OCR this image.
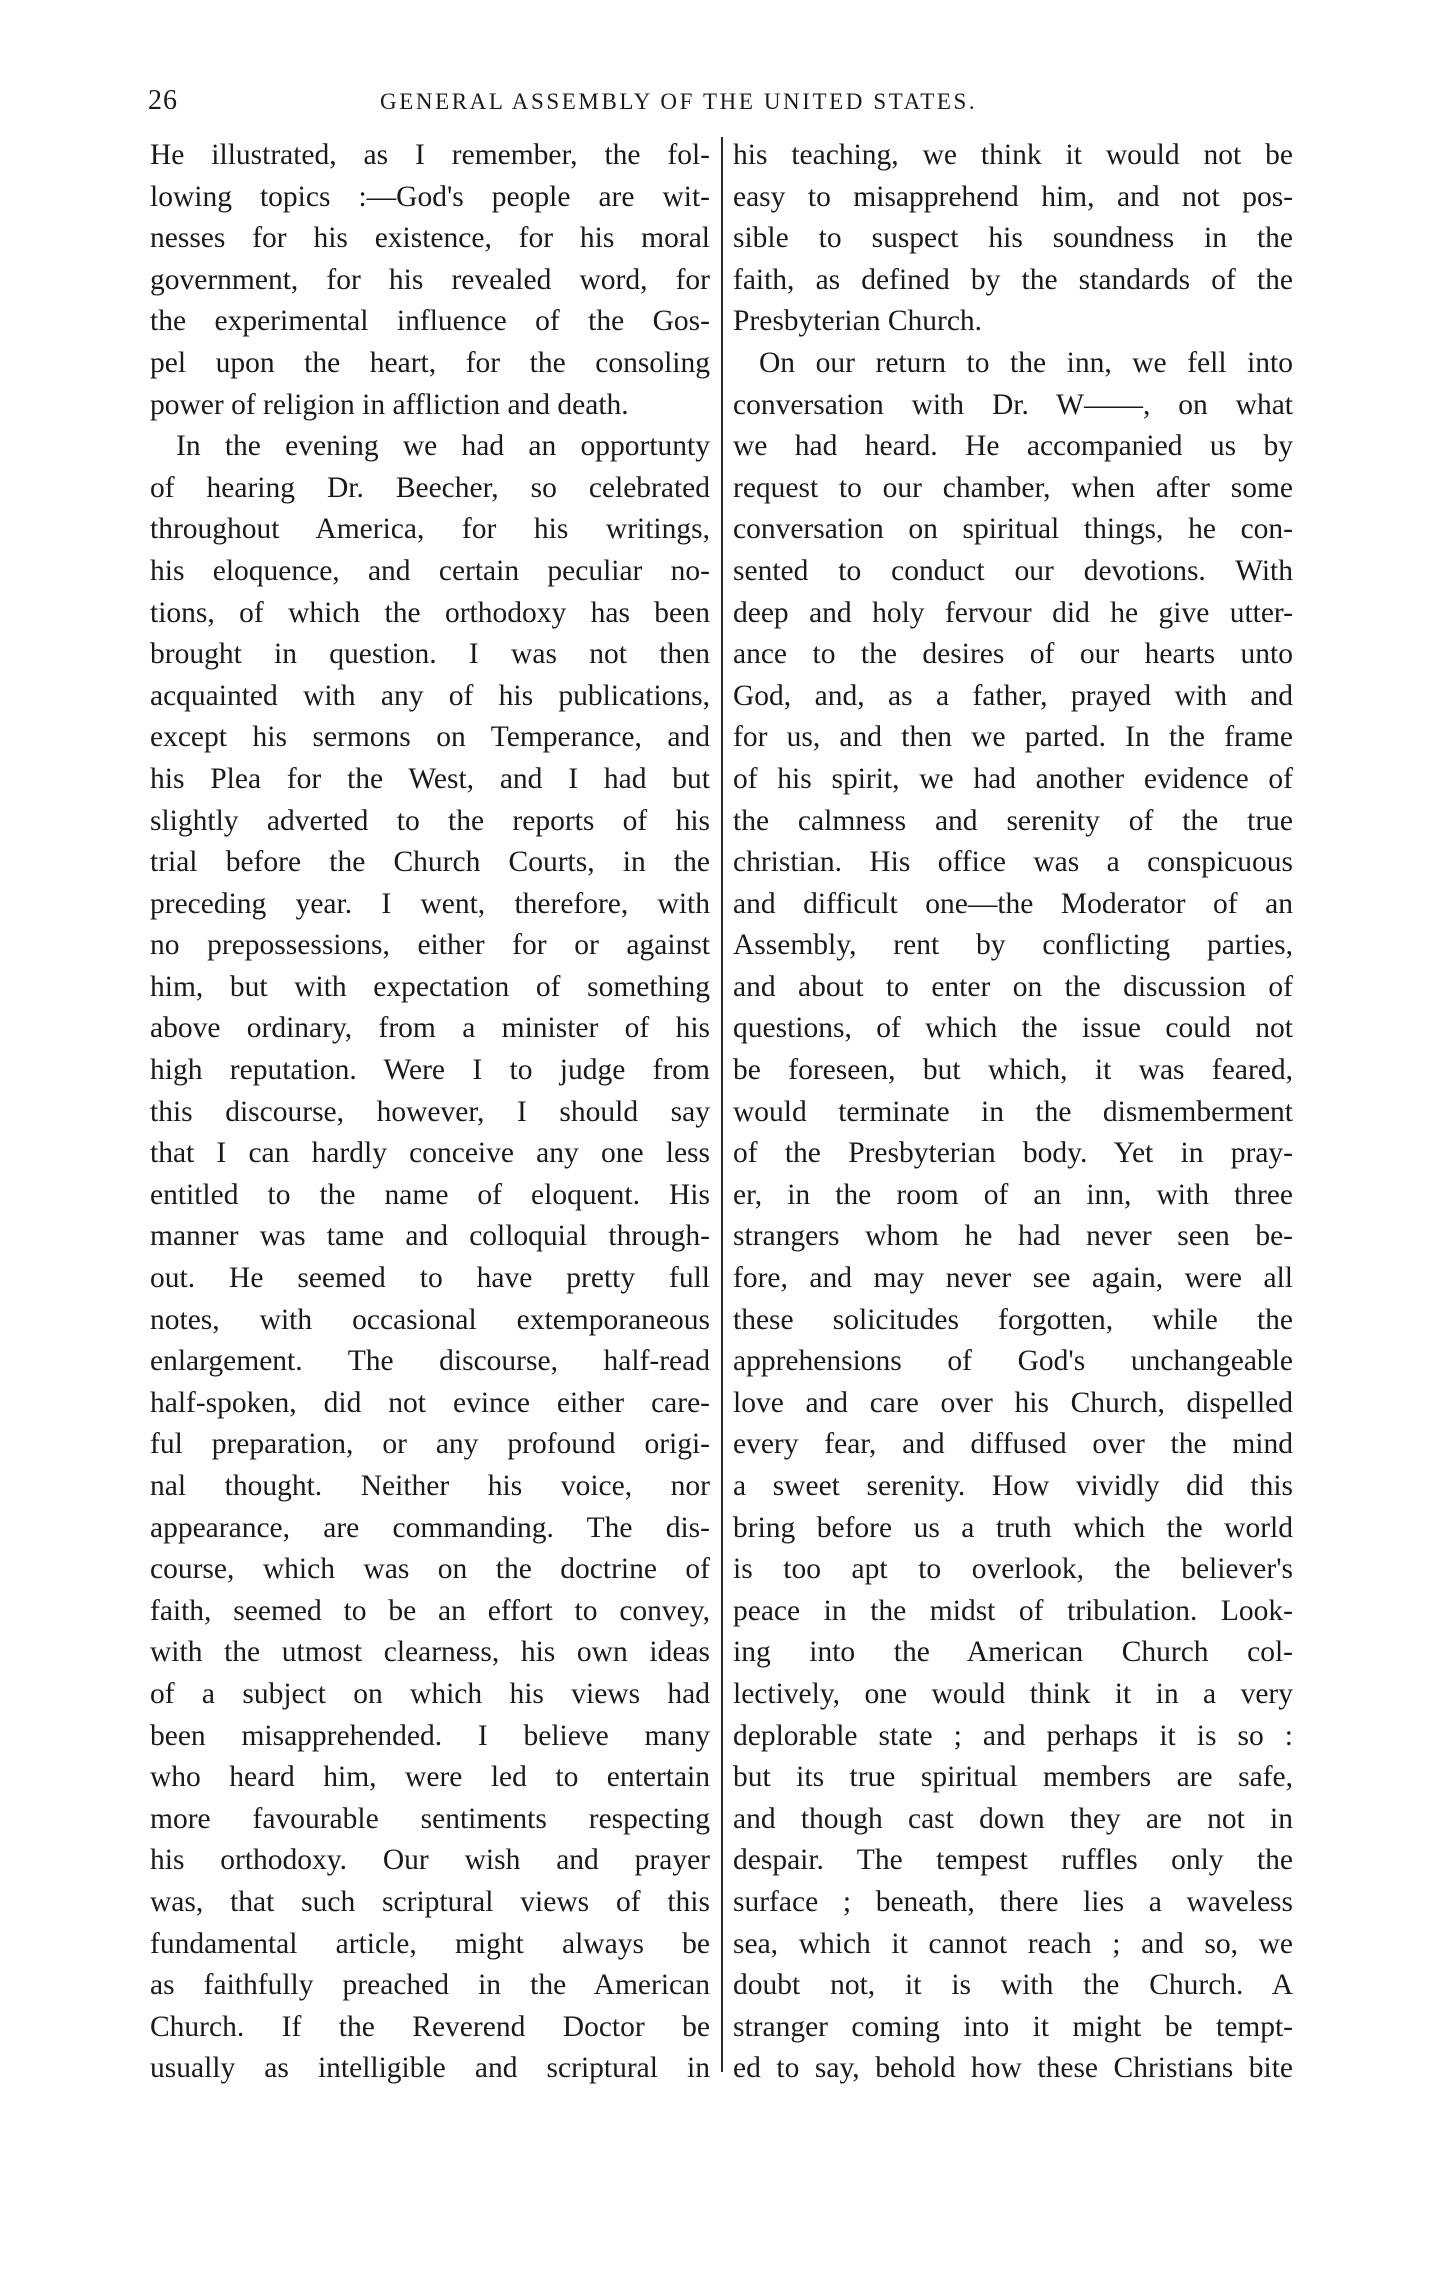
26	GENERAL ASSEMBLY OF THE UNITED STATES.
He illustrated, as I remember, the fol-
lowing topics :—God's people are wit-
nesses for his existence, for his moral
government, for his revealed word, for
the experimental influence of the Gos-
pel upon the heart, for the consoling
power of religion in affliction and death.
In the evening we had an opportunty
of hearing Dr. Beecher, so celebrated
throughout America, for his writings,
his eloquence, and certain peculiar no-
tions, of which the orthodoxy has been
brought in question. I was not then
acquainted with any of his publications,
except his sermons on Temperance, and
his Plea for the West, and I had but
slightly adverted to the reports of his
trial before the Church Courts, in the
preceding year. I went, therefore, with
no prepossessions, either for or against
him, but with expectation of something
above ordinary, from a minister of his
high reputation. Were I to judge from
this discourse, however, I should say
that I can hardly conceive any one less
entitled to the name of eloquent. His
manner was tame and colloquial through-
out. He seemed to have pretty full
notes, with occasional extemporaneous
enlargement. The discourse, half-read
half-spoken, did not evince either care-
ful preparation, or any profound origi-
nal thought. Neither his voice, nor
appearance, are commanding. The dis-
course, which was on the doctrine of
faith, seemed to be an effort to convey,
with the utmost clearness, his own ideas
of a subject on which his views had
been misapprehended. I believe many
who heard him, were led to entertain
more favourable sentiments respecting
his orthodoxy. Our wish and prayer
was, that such scriptural views of this
fundamental article, might always be
as faithfully preached in the American
Church. If the Reverend Doctor be
usually as intelligible and scriptural in
his teaching, we think it would not be
easy to misapprehend him, and not pos-
sible to suspect his soundness in the
faith, as defined by the standards of the
Presbyterian Church.
On our return to the inn, we fell into
conversation with Dr. W——, on what
we had heard. He accompanied us by
request to our chamber, when after some
conversation on spiritual things, he con-
sented to conduct our devotions. With
deep and holy fervour did he give utter-
ance to the desires of our hearts unto
God, and, as a father, prayed with and
for us, and then we parted. In the frame
of his spirit, we had another evidence of
the calmness and serenity of the true
christian. His office was a conspicuous
and difficult one—the Moderator of an
Assembly, rent by conflicting parties,
and about to enter on the discussion of
questions, of which the issue could not
be foreseen, but which, it was feared,
would terminate in the dismemberment
of the Presbyterian body. Yet in pray-
er, in the room of an inn, with three
strangers whom he had never seen be-
fore, and may never see again, were all
these solicitudes forgotten, while the
apprehensions of God's unchangeable
love and care over his Church, dispelled
every fear, and diffused over the mind
a sweet serenity. How vividly did this
bring before us a truth which the world
is too apt to overlook, the believer's
peace in the midst of tribulation. Look-
ing into the American Church col-
lectively, one would think it in a very
deplorable state ; and perhaps it is so :
but its true spiritual members are safe,
and though cast down they are not in
despair. The tempest ruffles only the
surface ; beneath, there lies a waveless
sea, which it cannot reach ; and so, we
doubt not, it is with the Church. A
stranger coming into it might be tempt-
ed to say, behold how these Christians bite
